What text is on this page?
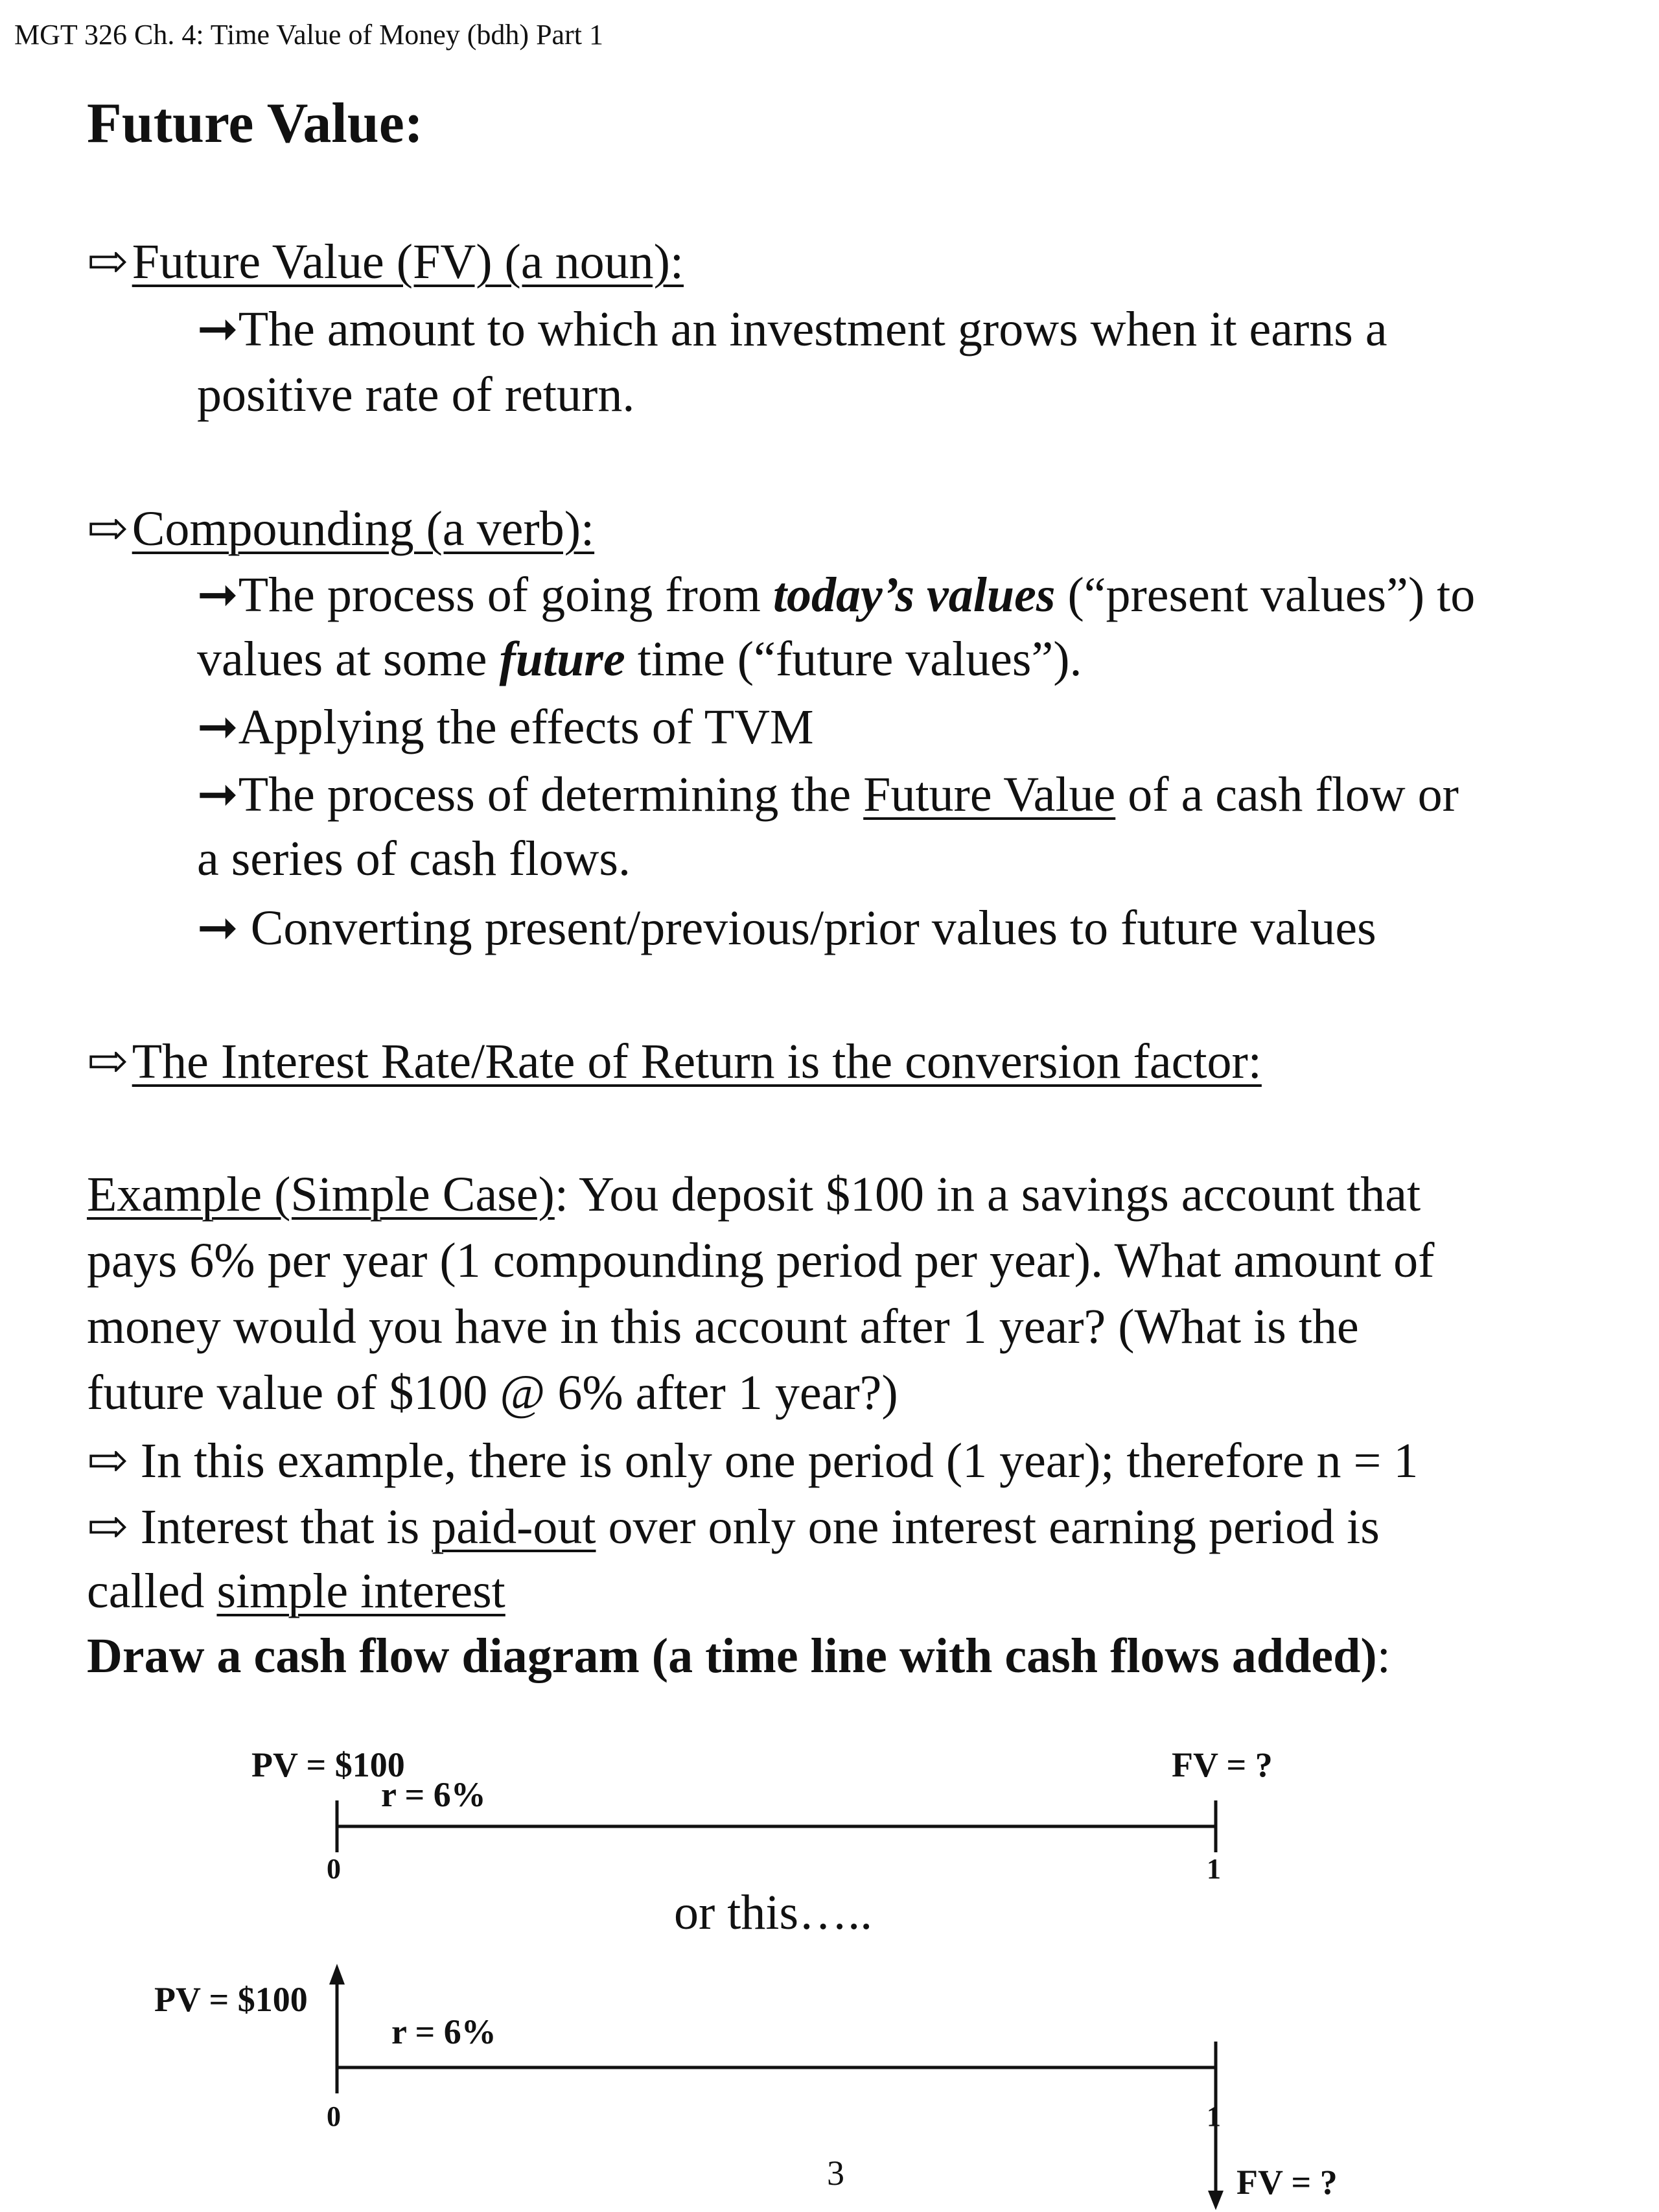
MGT 326 Ch. 4: Time Value of Money (bdh) Part 1
Future Value:
⇨Future Value (FV) (a noun):
➞The amount to which an investment grows when it earns a
positive rate of return.
⇨Compounding (a verb):
➞The process of going from today’s values (“present values”) to
values at some future time (“future values”).
➞Applying the effects of TVM
➞The process of determining the Future Value of a cash flow or
a series of cash flows.
➞ Converting present/previous/prior values to future values
⇨The Interest Rate/Rate of Return is the conversion factor:
Example (Simple Case): You deposit $100 in a savings account that
pays 6% per year (1 compounding period per year). What amount of
money would you have in this account after 1 year? (What is the
future value of $100 @ 6% after 1 year?)
⇨ In this example, there is only one period (1 year); therefore n = 1
⇨ Interest that is paid-out over only one interest earning period is
called simple interest
Draw a cash flow diagram (a time line with cash flows added):
PV = $100
r = 6%
FV = ?
0	1
or this…..
PV = $100
r = 6%
0	1
FV = ?
3
